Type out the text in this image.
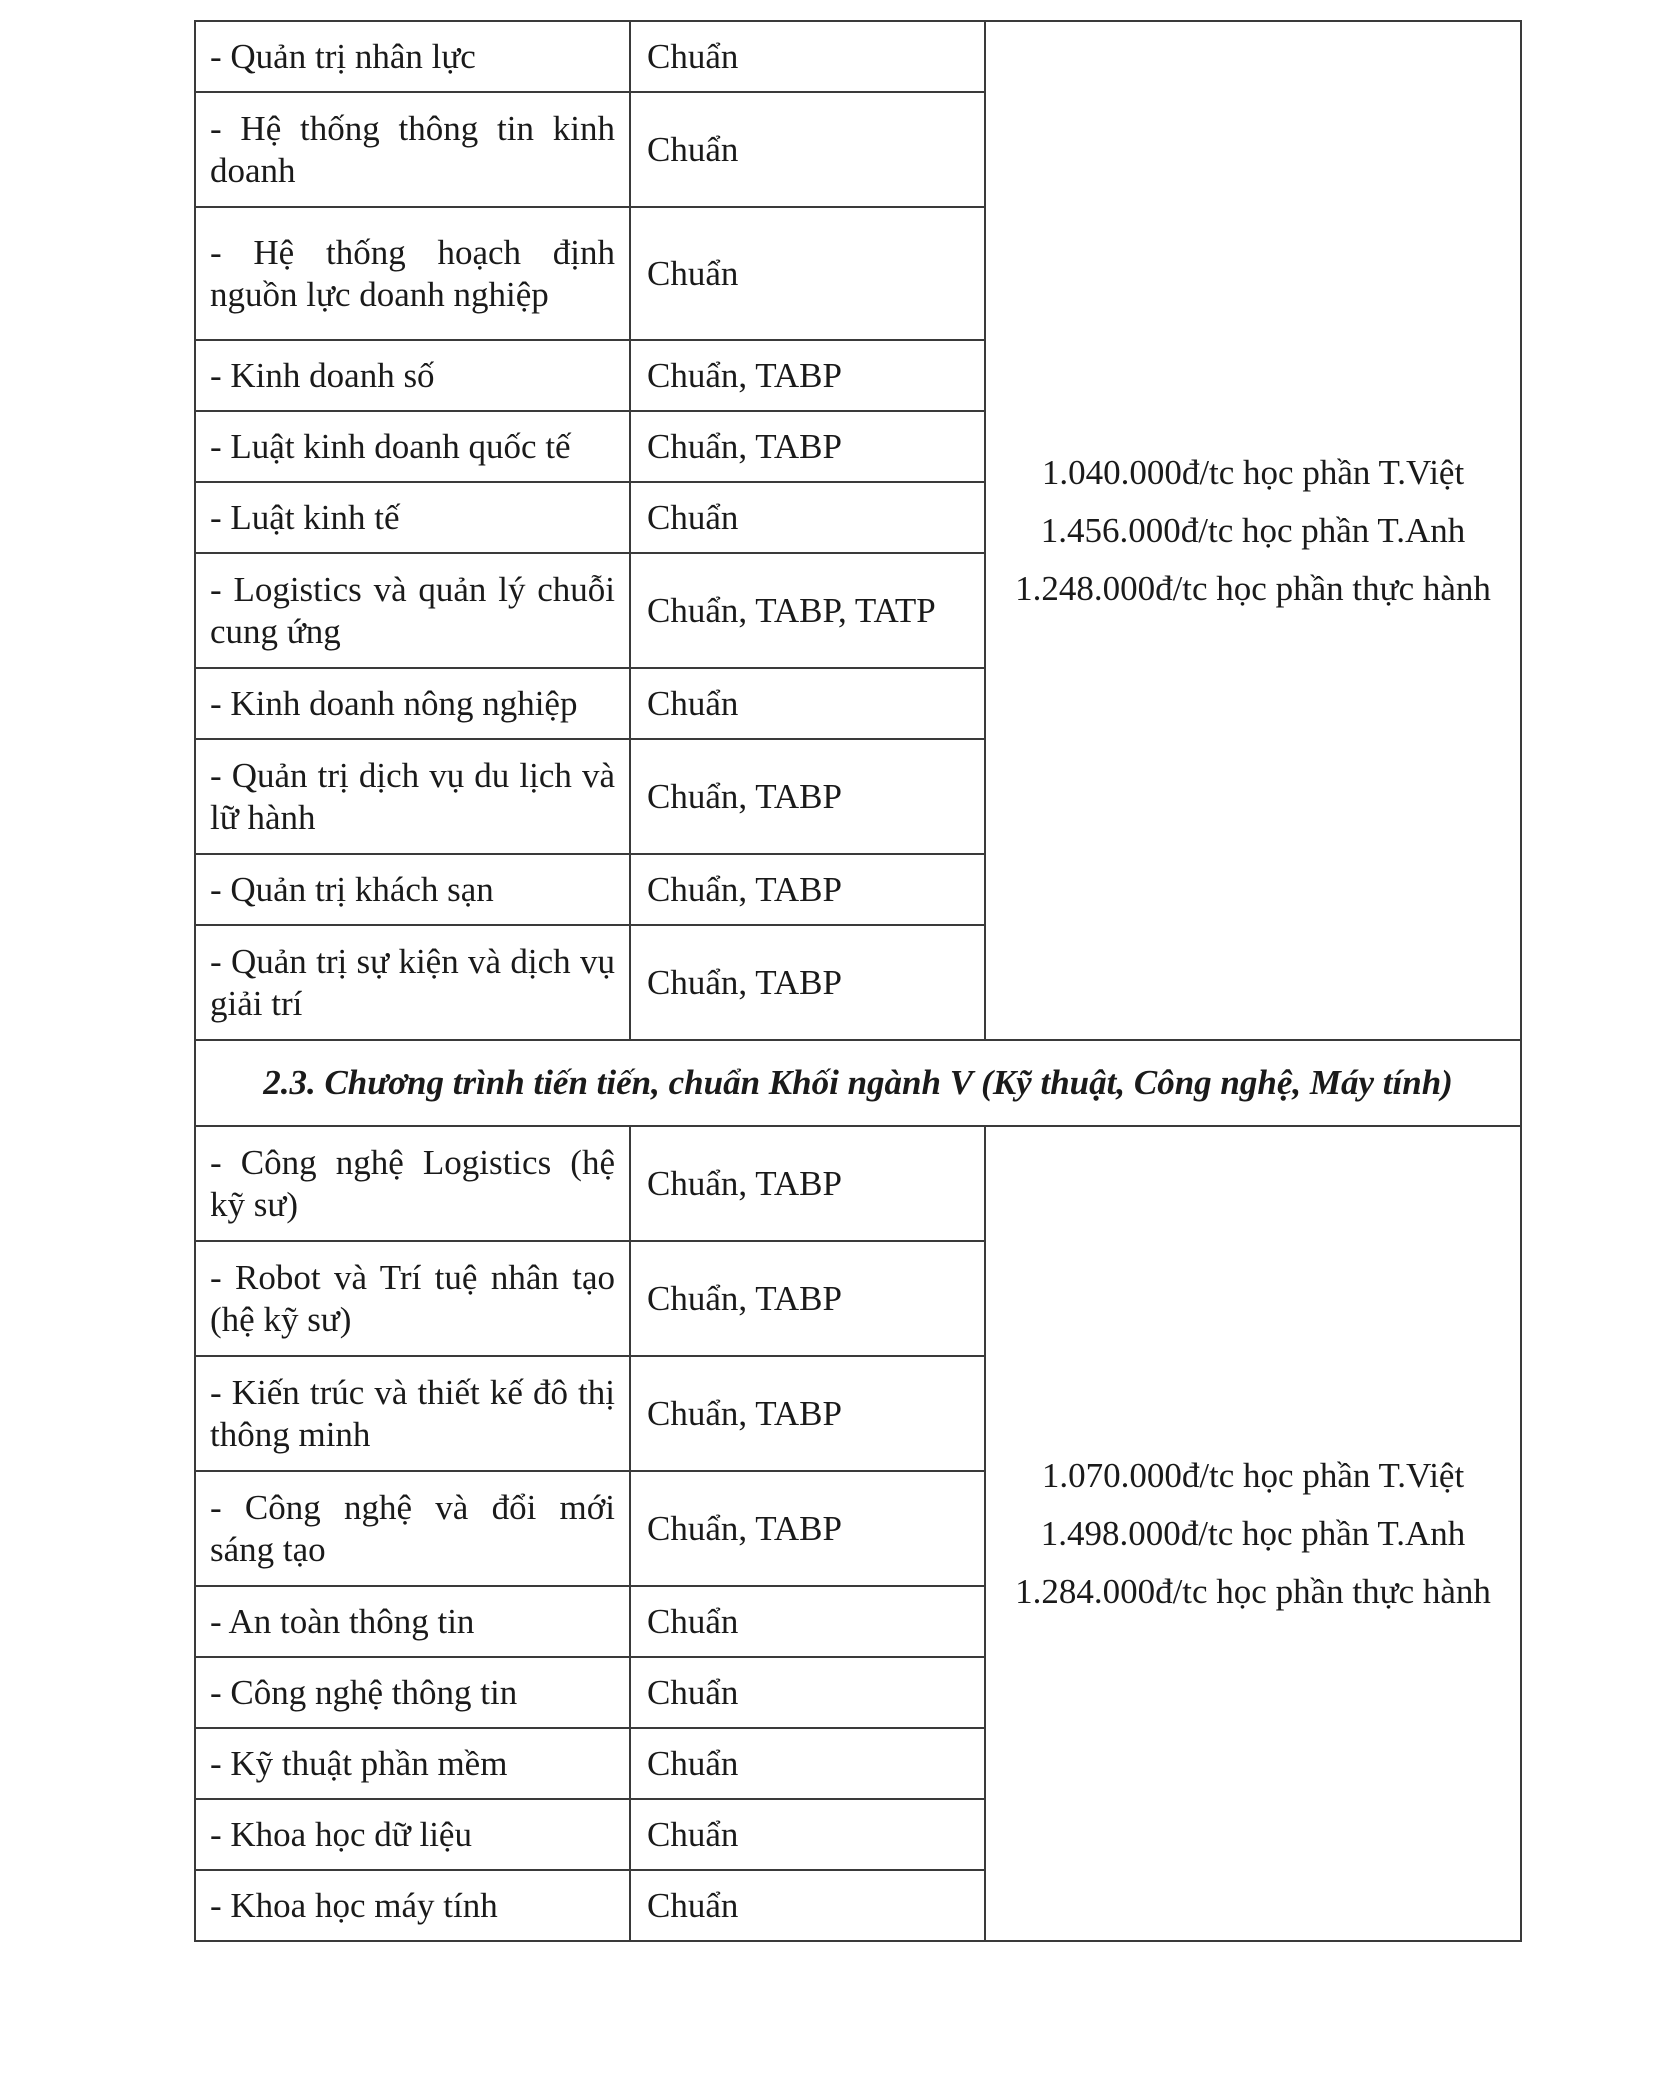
- Quản trị nhân lực	Chuẩn	1.040.000đ/tc học phần T.Việt
1.456.000đ/tc học phần T.Anh
1.248.000đ/tc học phần thực hành

- Hệ thống thông tin kinh doanh	Chuẩn	
- Hệ thống hoạch định nguồn lực doanh nghiệp	Chuẩn	
- Kinh doanh số	Chuẩn, TABP	
- Luật kinh doanh quốc tế	Chuẩn, TABP	
- Luật kinh tế	Chuẩn	
- Logistics và quản lý chuỗi cung ứng	Chuẩn, TABP, TATP	
- Kinh doanh nông nghiệp	Chuẩn	
- Quản trị dịch vụ du lịch và lữ hành	Chuẩn, TABP	
- Quản trị khách sạn	Chuẩn, TABP	
- Quản trị sự kiện và dịch vụ giải trí	Chuẩn, TABP	
2.3. Chương trình tiến tiến, chuẩn Khối ngành V (Kỹ thuật, Công nghệ, Máy tính)		
- Công nghệ Logistics (hệ kỹ sư)	Chuẩn, TABP	1.070.000đ/tc học phần T.Việt
1.498.000đ/tc học phần T.Anh
1.284.000đ/tc học phần thực hành

- Robot và Trí tuệ nhân tạo (hệ kỹ sư)	Chuẩn, TABP	
- Kiến trúc và thiết kế đô thị thông minh	Chuẩn, TABP	
- Công nghệ và đổi mới sáng tạo	Chuẩn, TABP	
- An toàn thông tin	Chuẩn	
- Công nghệ thông tin	Chuẩn	
- Kỹ thuật phần mềm	Chuẩn	
- Khoa học dữ liệu	Chuẩn	
- Khoa học máy tính	Chuẩn	
